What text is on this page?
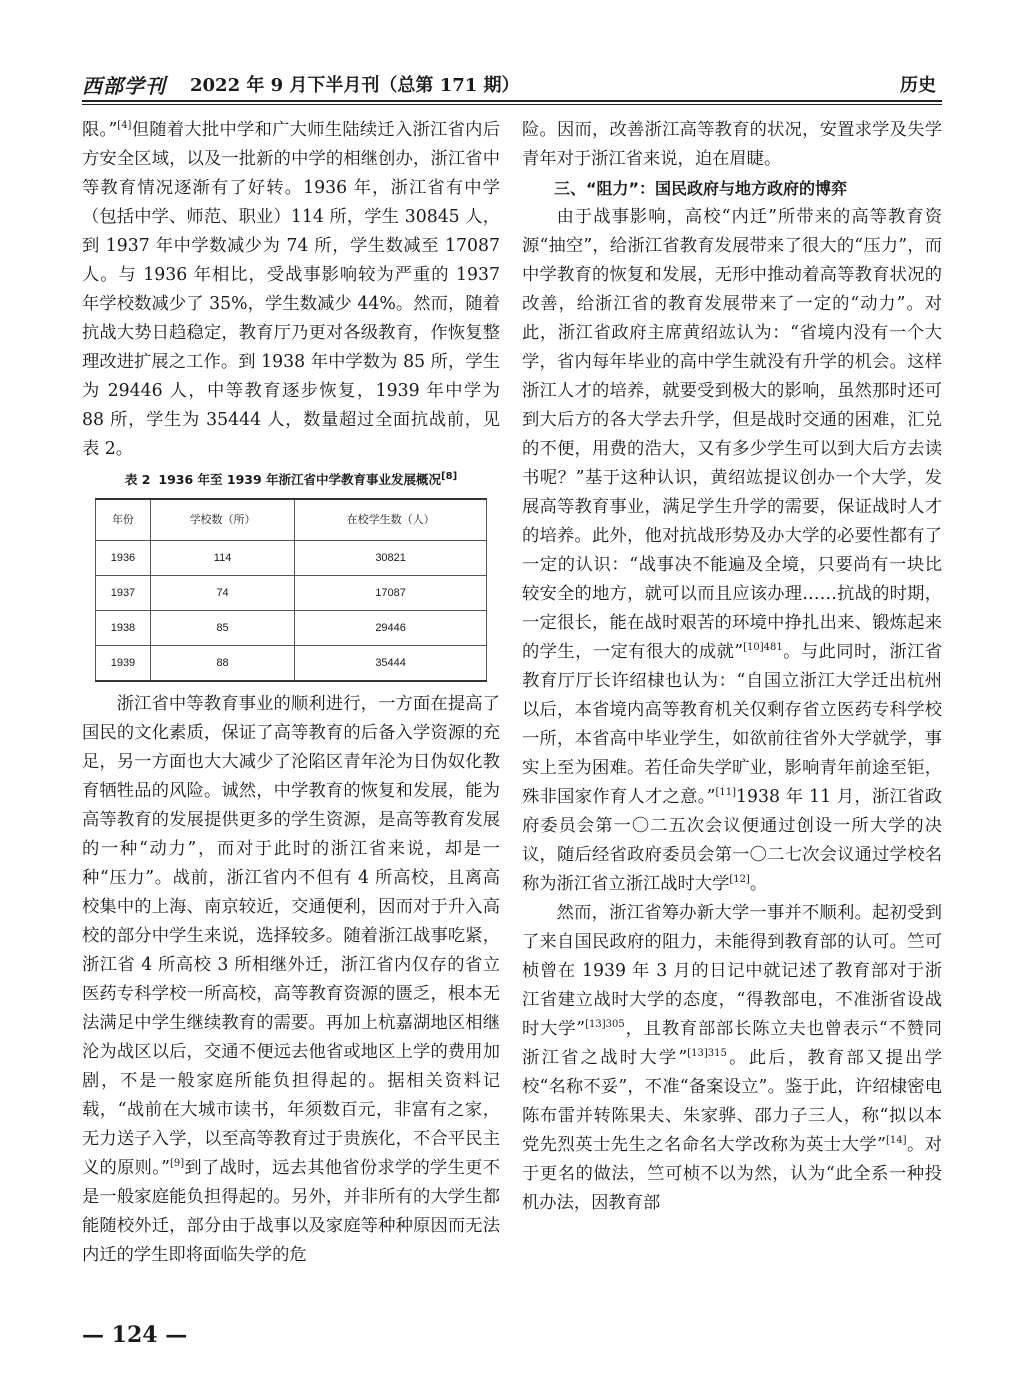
西部学刊 2022 年 9 月下半月刊（总第 171 期）	历史

限。”[4]但随着大批中学和广大师生陆续迁入浙江省内后方安全区域，以及一批新的中学的相继创办，浙江省中等教育情况逐渐有了好转。1936 年，浙江省有中学（包括中学、师范、职业）114 所，学生 30845 人，到 1937 年中学数减少为 74 所，学生数减至 17087 人。与 1936 年相比，受战事影响较为严重的 1937 年学校数减少了 35%，学生数减少 44%。然而，随着抗战大势日趋稳定，教育厅乃更对各级教育，作恢复整理改进扩展之工作。到 1938 年中学数为 85 所，学生为 29446 人，中等教育逐步恢复，1939 年中学为 88 所，学生为 35444 人，数量超过全面抗战前，见表 2。

表 2 1936 年至 1939 年浙江省中学教育事业发展概况[8]
年份	学校数（所）	在校学生数（人）
1936	114	30821
1937	74	17087
1938	85	29446
1939	88	35444

浙江省中等教育事业的顺利进行，一方面在提高了国民的文化素质，保证了高等教育的后备入学资源的充足，另一方面也大大减少了沦陷区青年沦为日伪奴化教育牺牲品的风险。诚然，中学教育的恢复和发展，能为高等教育的发展提供更多的学生资源，是高等教育发展的一种“动力”，而对于此时的浙江省来说，却是一种“压力”。战前，浙江省内不但有 4 所高校，且离高校集中的上海、南京较近，交通便利，因而对于升入高校的部分中学生来说，选择较多。随着浙江战事吃紧，浙江省 4 所高校 3 所相继外迁，浙江省内仅存的省立医药专科学校一所高校，高等教育资源的匮乏，根本无法满足中学生继续教育的需要。再加上杭嘉湖地区相继沦为战区以后，交通不便远去他省或地区上学的费用加剧，不是一般家庭所能负担得起的。据相关资料记载，“战前在大城市读书，年须数百元，非富有之家，无力送子入学，以至高等教育过于贵族化，不合平民主义的原则。”[9]到了战时，远去其他省份求学的学生更不是一般家庭能负担得起的。另外，并非所有的大学生都能随校外迁，部分由于战事以及家庭等种种原因而无法内迁的学生即将面临失学的危

险。因而，改善浙江高等教育的状况，安置求学及失学青年对于浙江省来说，迫在眉睫。

三、“阻力”：国民政府与地方政府的博弈

由于战事影响，高校“内迁”所带来的高等教育资源“抽空”，给浙江省教育发展带来了很大的“压力”，而中学教育的恢复和发展，无形中推动着高等教育状况的改善，给浙江省的教育发展带来了一定的“动力”。对此，浙江省政府主席黄绍竑认为：“省境内没有一个大学，省内每年毕业的高中学生就没有升学的机会。这样浙江人才的培养，就要受到极大的影响，虽然那时还可到大后方的各大学去升学，但是战时交通的困难，汇兑的不便，用费的浩大，又有多少学生可以到大后方去读书呢？”基于这种认识，黄绍竑提议创办一个大学，发展高等教育事业，满足学生升学的需要，保证战时人才的培养。此外，他对抗战形势及办大学的必要性都有了一定的认识：“战事决不能遍及全境，只要尚有一块比较安全的地方，就可以而且应该办理……抗战的时期，一定很长，能在战时艰苦的环境中挣扎出来、锻炼起来的学生，一定有很大的成就”$^{[10]481}$。与此同时，浙江省教育厅厅长许绍棣也认为：“自国立浙江大学迁出杭州以后，本省境内高等教育机关仅剩存省立医药专科学校一所，本省高中毕业学生，如欲前往省外大学就学，事实上至为困难。若任命失学旷业，影响青年前途至钜，殊非国家作育人才之意。”[11]1938 年 11 月，浙江省政府委员会第一〇二五次会议便通过创设一所大学的决议，随后经省政府委员会第一〇二七次会议通过学校名称为浙江省立浙江战时大学[12]。

然而，浙江省筹办新大学一事并不顺利。起初受到了来自国民政府的阻力，未能得到教育部的认可。竺可桢曾在 1939 年 3 月的日记中就记述了教育部对于浙江省建立战时大学的态度，“得教部电，不准浙省设战时大学”$^{[13]305}$，且教育部部长陈立夫也曾表示“不赞同浙江省之战时大学”$^{[13]315}$。此后，教育部又提出学校“名称不妥”，不准“备案设立”。鉴于此，许绍棣密电陈布雷并转陈果夫、朱家骅、邵力子三人，称“拟以本党先烈英士先生之名命名大学改称为英士大学”[14]。对于更名的做法，竺可桢不以为然，认为“此全系一种投机办法，因教育部

— 124 —
